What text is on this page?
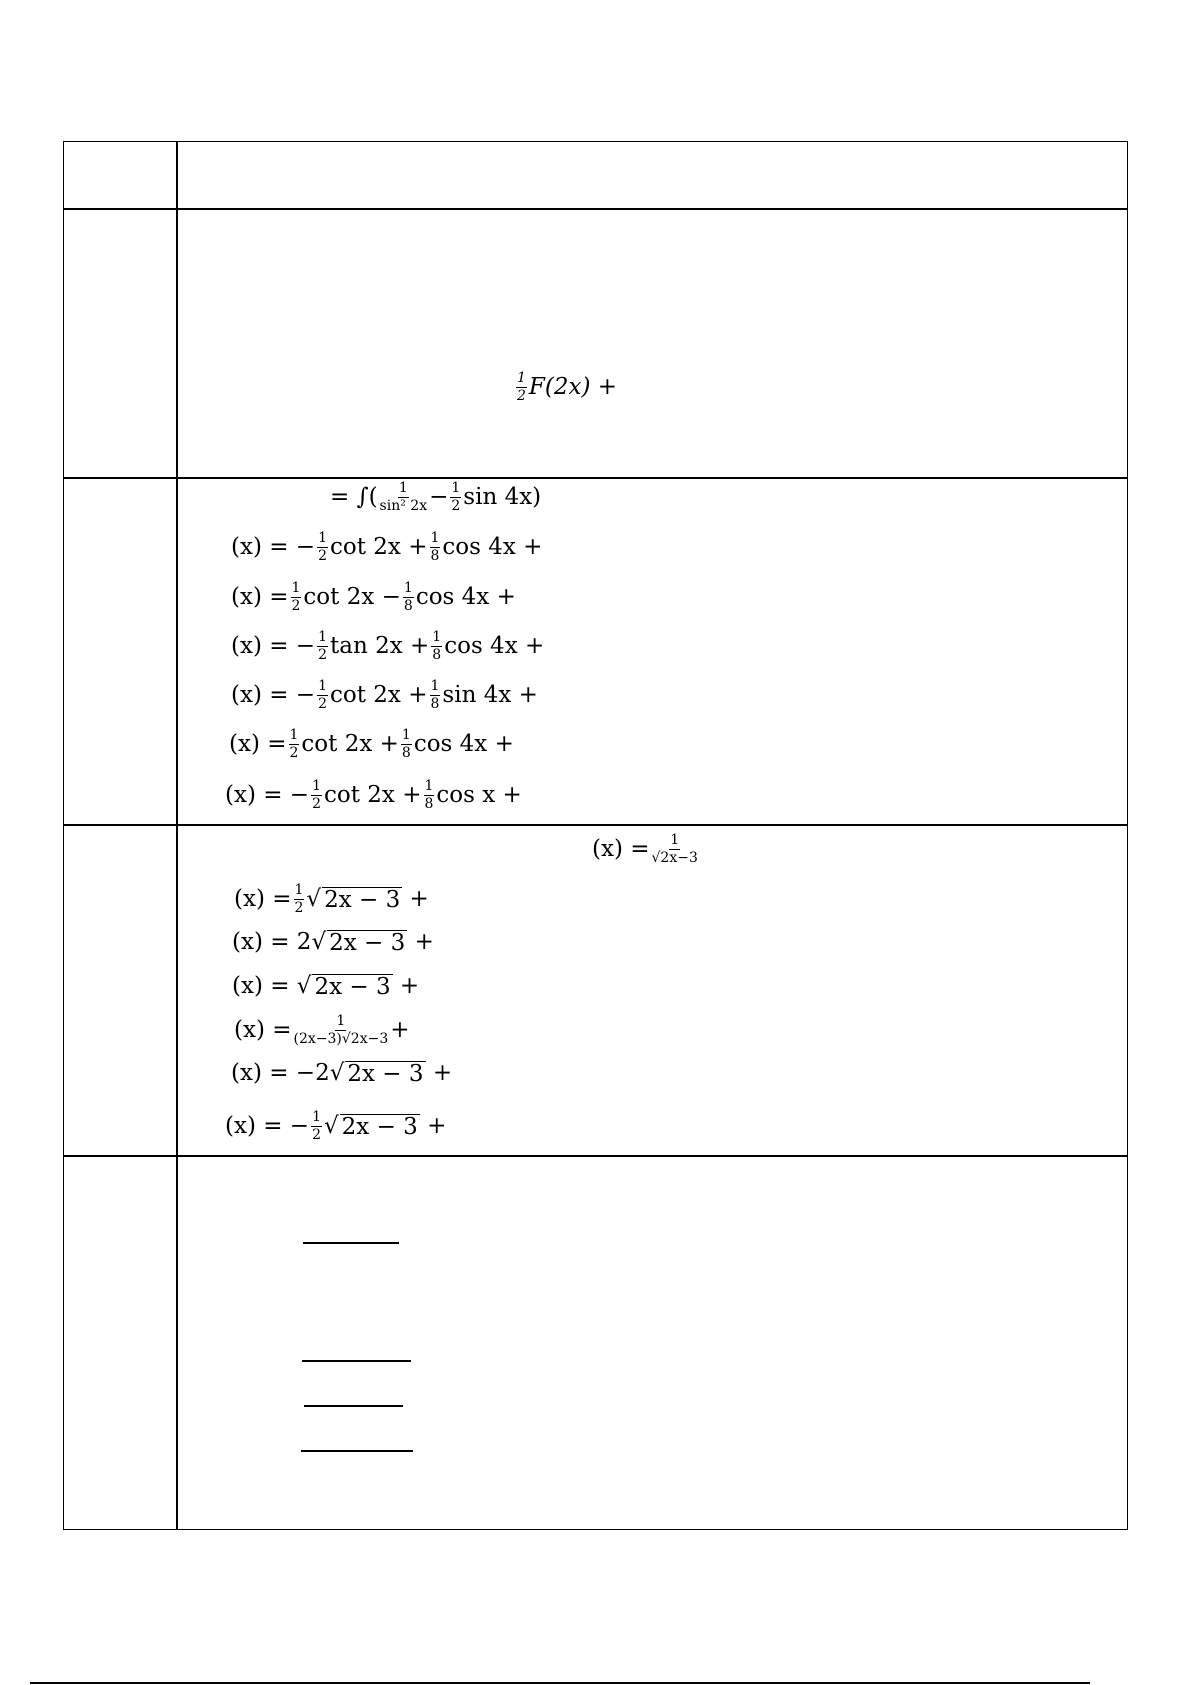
$\frac{1}{2} F(2x)$ +
= ∫( $\frac{1}{\text{sin² 2x}} - \frac{1}{2}$ sin 4x)
(x) = − $\frac{1}{2}$ $\cot 2x + \frac{1}{8}$ cos 4x +
$(x) = \frac{1}{2}$ $\cot 2x - \frac{1}{8}$ cos 4x +
(x) = − $\frac{1}{2}$ $\tan 2x + \frac{1}{8}$ cos 4x +
(x) = − $\frac{1}{2}$ $\cot 2x + \frac{1}{8}$ sin 4x +
$(x) = \frac{1}{2}$ $\cot 2x + \frac{1}{8}$ cos 4x +
(x) = − $\frac{1}{2}$ $\cot 2x + \frac{1}{8}$ cos x +
$(x) = \frac{1}{√2x-3}$
$(x) = \frac{1}{2}$ √ 2x − 3
+
(x) = 2 √ 2x − 3
+
(x) = √ 2x − 3
+
$(x) = \frac{1}{(2x-3)√2x-3}$ +
(x) = −2 √ 2x − 3
+
(x) = − $\frac{1}{2}$ √ 2x − 3
+
